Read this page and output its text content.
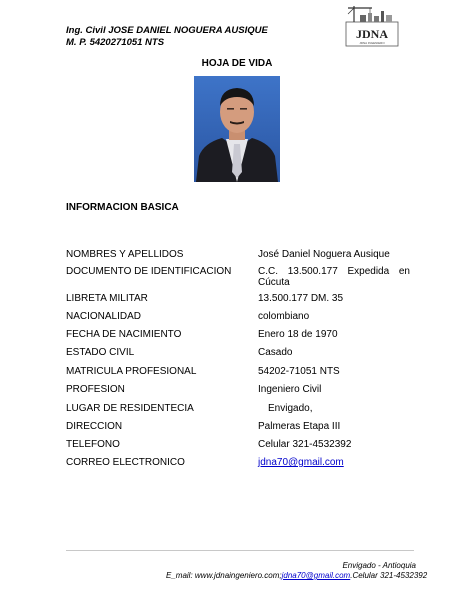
Ing. Civil JOSE DANIEL NOGUERA AUSIQUE
M. P. 5420271051 NTS
JDNA
JDNA INGENIERO
HOJA DE VIDA
INFORMACION BASICA
NOMBRES Y APELLIDOS	José Daniel Noguera Ausique
DOCUMENTO DE IDENTIFICACION	C.C. 13.500.177 Expedida en
Cúcuta
LIBRETA MILITAR	13.500.177 DM. 35
NACIONALIDAD	colombiano
FECHA DE NACIMIENTO	Enero 18 de 1970
ESTADO CIVIL	Casado
MATRICULA PROFESIONAL	54202-71051 NTS
PROFESION	Ingeniero Civil
LUGAR DE RESIDENTECIA	Envigado,
DIRECCION	Palmeras Etapa III
TELEFONO	Celular 321-4532392
CORREO ELECTRONICO	jdna70@gmail.com
Envigado - Antioquia
E_mail: www.jdnaingeniero.com;jdna70@gmail.com.Celular 321-4532392
